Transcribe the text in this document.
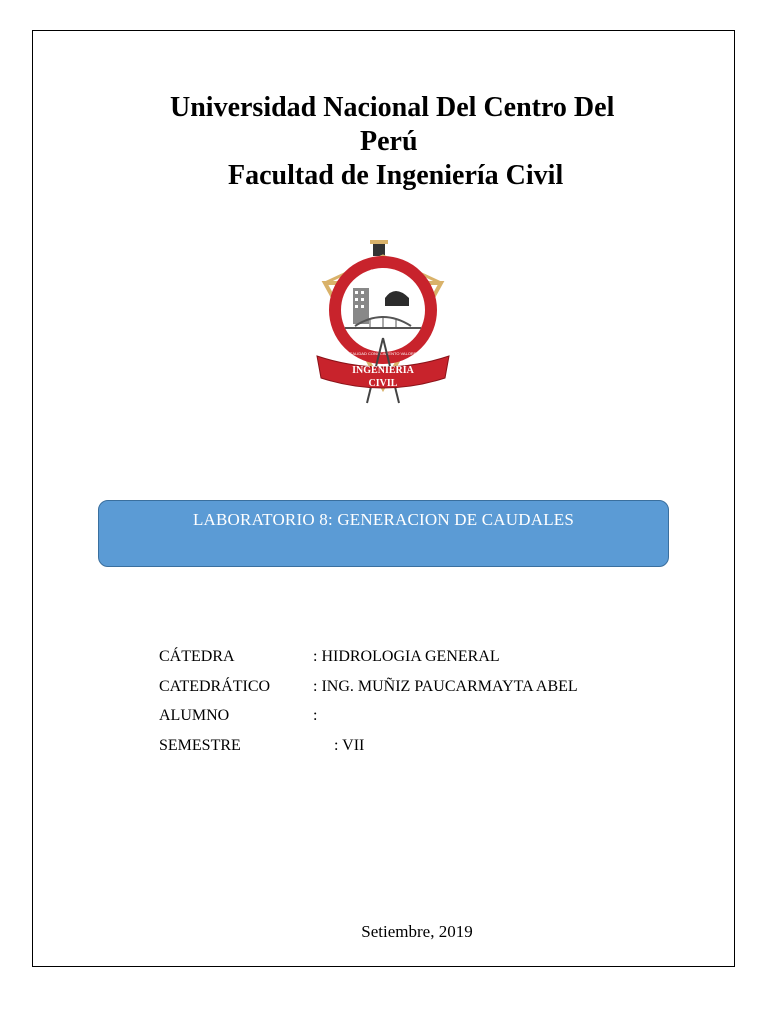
Universidad Nacional Del Centro Del
Perú
Facultad de Ingeniería Civil
UNCP
REALIDAD CONOCIMIENTO VALORES
INGENIERÍA
CIVIL
LABORATORIO 8: GENERACION DE CAUDALES
CÁTEDRA	: HIDROLOGIA GENERAL
CATEDRÁTICO	: ING. MUÑIZ PAUCARMAYTA ABEL
ALUMNO	:
SEMESTRE	: VII
Setiembre, 2019
